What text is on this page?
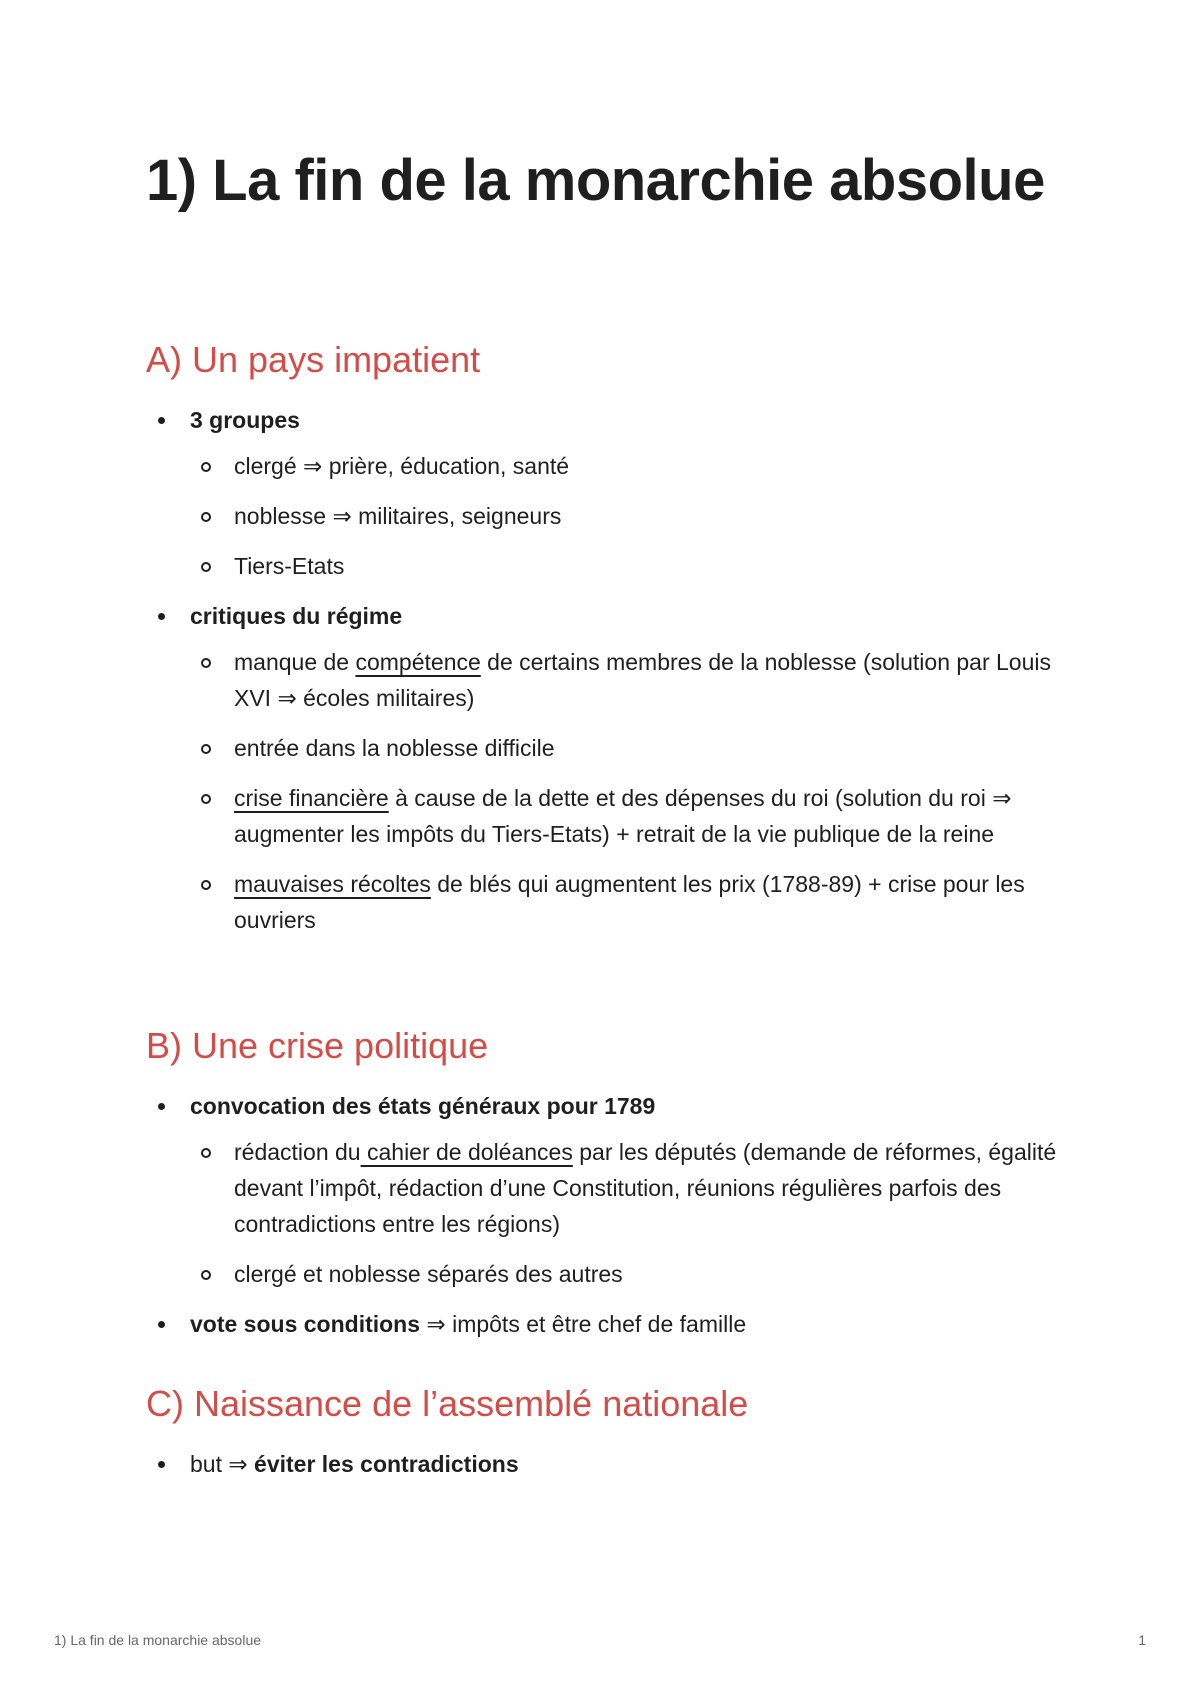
1) La fin de la monarchie absolue
A) Un pays impatient
3 groupes
clergé ⇒ prière, éducation, santé
noblesse ⇒ militaires, seigneurs
Tiers-Etats
critiques du régime
manque de compétence de certains membres de la noblesse (solution par Louis XVI ⇒ écoles militaires)
entrée dans la noblesse difficile
crise financière à cause de la dette et des dépenses du roi (solution du roi ⇒ augmenter les impôts du Tiers-Etats) + retrait de la vie publique de la reine
mauvaises récoltes de blés qui augmentent les prix (1788-89) + crise pour les ouvriers
B) Une crise politique
convocation des états généraux pour 1789
rédaction du cahier de doléances par les députés (demande de réformes, égalité devant l’impôt, rédaction d’une Constitution, réunions régulières parfois des contradictions entre les régions)
clergé et noblesse séparés des autres
vote sous conditions ⇒ impôts et être chef de famille
C) Naissance de l’assemblé nationale
but ⇒ éviter les contradictions
1) La fin de la monarchie absolue	1
